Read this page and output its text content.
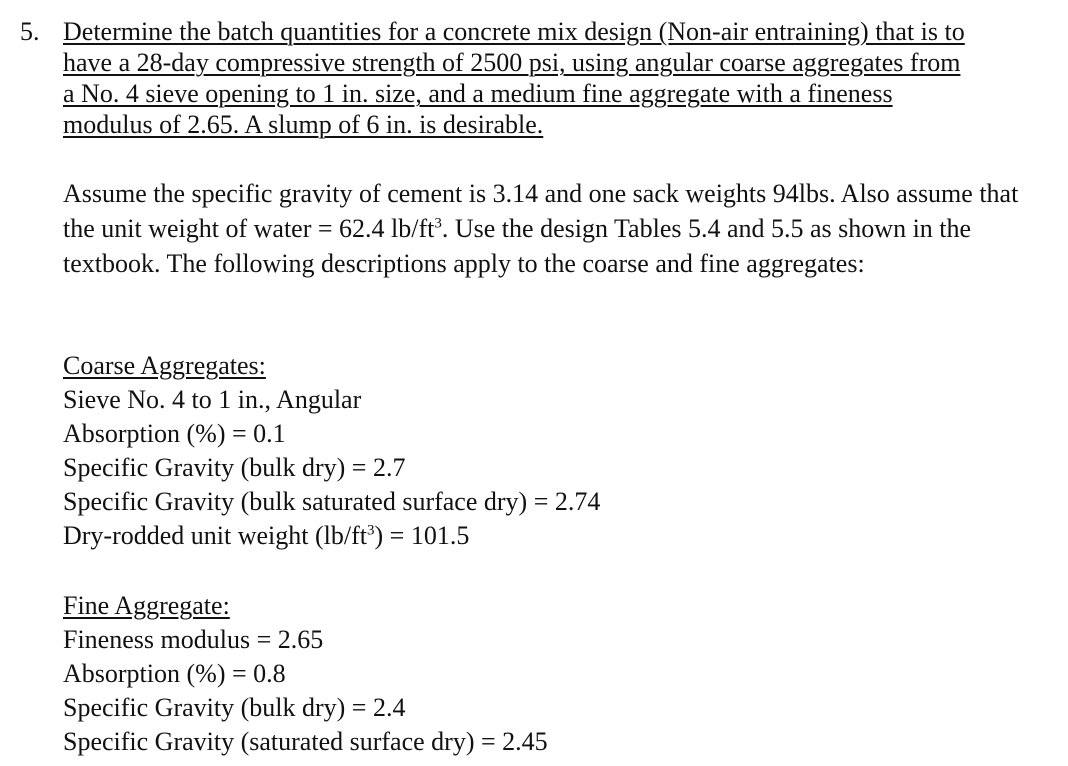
5. Determine the batch quantities for a concrete mix design (Non-air entraining) that is to
have a 28-day compressive strength of 2500 psi, using angular coarse aggregates from
a No. 4 sieve opening to 1 in. size, and a medium fine aggregate with a fineness
modulus of 2.65. A slump of 6 in. is desirable.

Assume the specific gravity of cement is 3.14 and one sack weights 94lbs. Also assume that the unit weight of water = 62.4 $lb/ft^3$. Use the design Tables 5.4 and 5.5 as shown in the textbook. The following descriptions apply to the coarse and fine aggregates:

Coarse Aggregates:
Sieve No. 4 to 1 in., Angular
Absorption (%) = 0.1
Specific Gravity (bulk dry) = 2.7
Specific Gravity (bulk saturated surface dry) = 2.74
Dry-rodded unit weight $(lb/ft^3) = 101.5$
Fine Aggregate:
Fineness modulus = 2.65
Absorption (%) = 0.8
Specific Gravity (bulk dry) = 2.4
Specific Gravity (saturated surface dry) = 2.45
